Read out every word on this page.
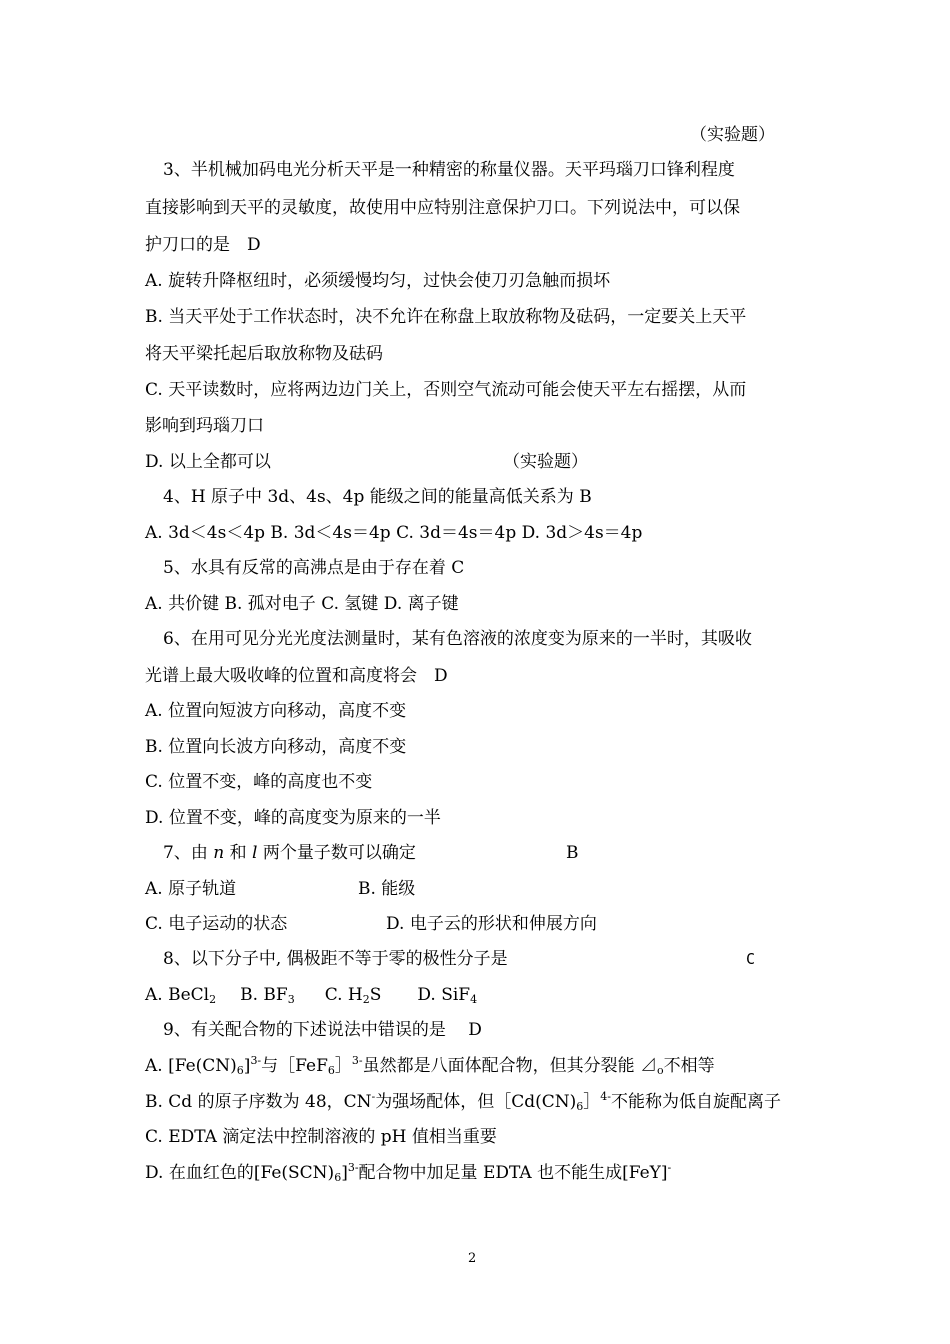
（实验题）
3、半机械加码电光分析天平是一种精密的称量仪器。天平玛瑙刀口锋利程度
直接影响到天平的灵敏度，故使用中应特别注意保护刀口。下列说法中，可以保
护刀口的是　D
A. 旋转升降枢纽时，必须缓慢均匀，过快会使刀刃急触而损坏
B. 当天平处于工作状态时，决不允许在称盘上取放称物及砝码，一定要关上天平
将天平梁托起后取放称物及砝码
C. 天平读数时，应将两边边门关上，否则空气流动可能会使天平左右摇摆，从而
影响到玛瑙刀口
D. 以上全都可以	（实验题）
4、H 原子中 3d、4s、4p 能级之间的能量高低关系为 B
A. 3d＜4s＜4p B. 3d＜4s＝4p C. 3d＝4s＝4p D. 3d＞4s＝4p
5、水具有反常的高沸点是由于存在着 C
A. 共价键 B. 孤对电子 C. 氢键 D. 离子键
6、在用可见分光光度法测量时，某有色溶液的浓度变为原来的一半时，其吸收
光谱上最大吸收峰的位置和高度将会　D
A. 位置向短波方向移动，高度不变
B. 位置向长波方向移动，高度不变
C. 位置不变，峰的高度也不变
D. 位置不变，峰的高度变为原来的一半
7、由 n 和 l 两个量子数可以确定	B
A. 原子轨道	B. 能级
C. 电子运动的状态	D. 电子云的形状和伸展方向
8、以下分子中, 偶极距不等于零的极性分子是	C
A. BeCl$_2$ B. $BF_3$ C. $H_2S$ D. SiF$_4$
9、有关配合物的下述说法中错误的是　 D
A. $[Fe(CN)_6]^{3-}$与［FeF$_6$］$^{3-}$虽然都是八面体配合物，但其分裂能 $⊿_o$不相等
B. Cd 的原子序数为 48，CN-为强场配体，但$[Cd(CN)_6]^{4-}$不能称为低自旋配离子
C. EDTA 滴定法中控制溶液的 pH 值相当重要
D. 在血红色的$[Fe(SCN)_6]^{3-}$配合物中加足量 EDTA 也不能生成[FeY]-
2
